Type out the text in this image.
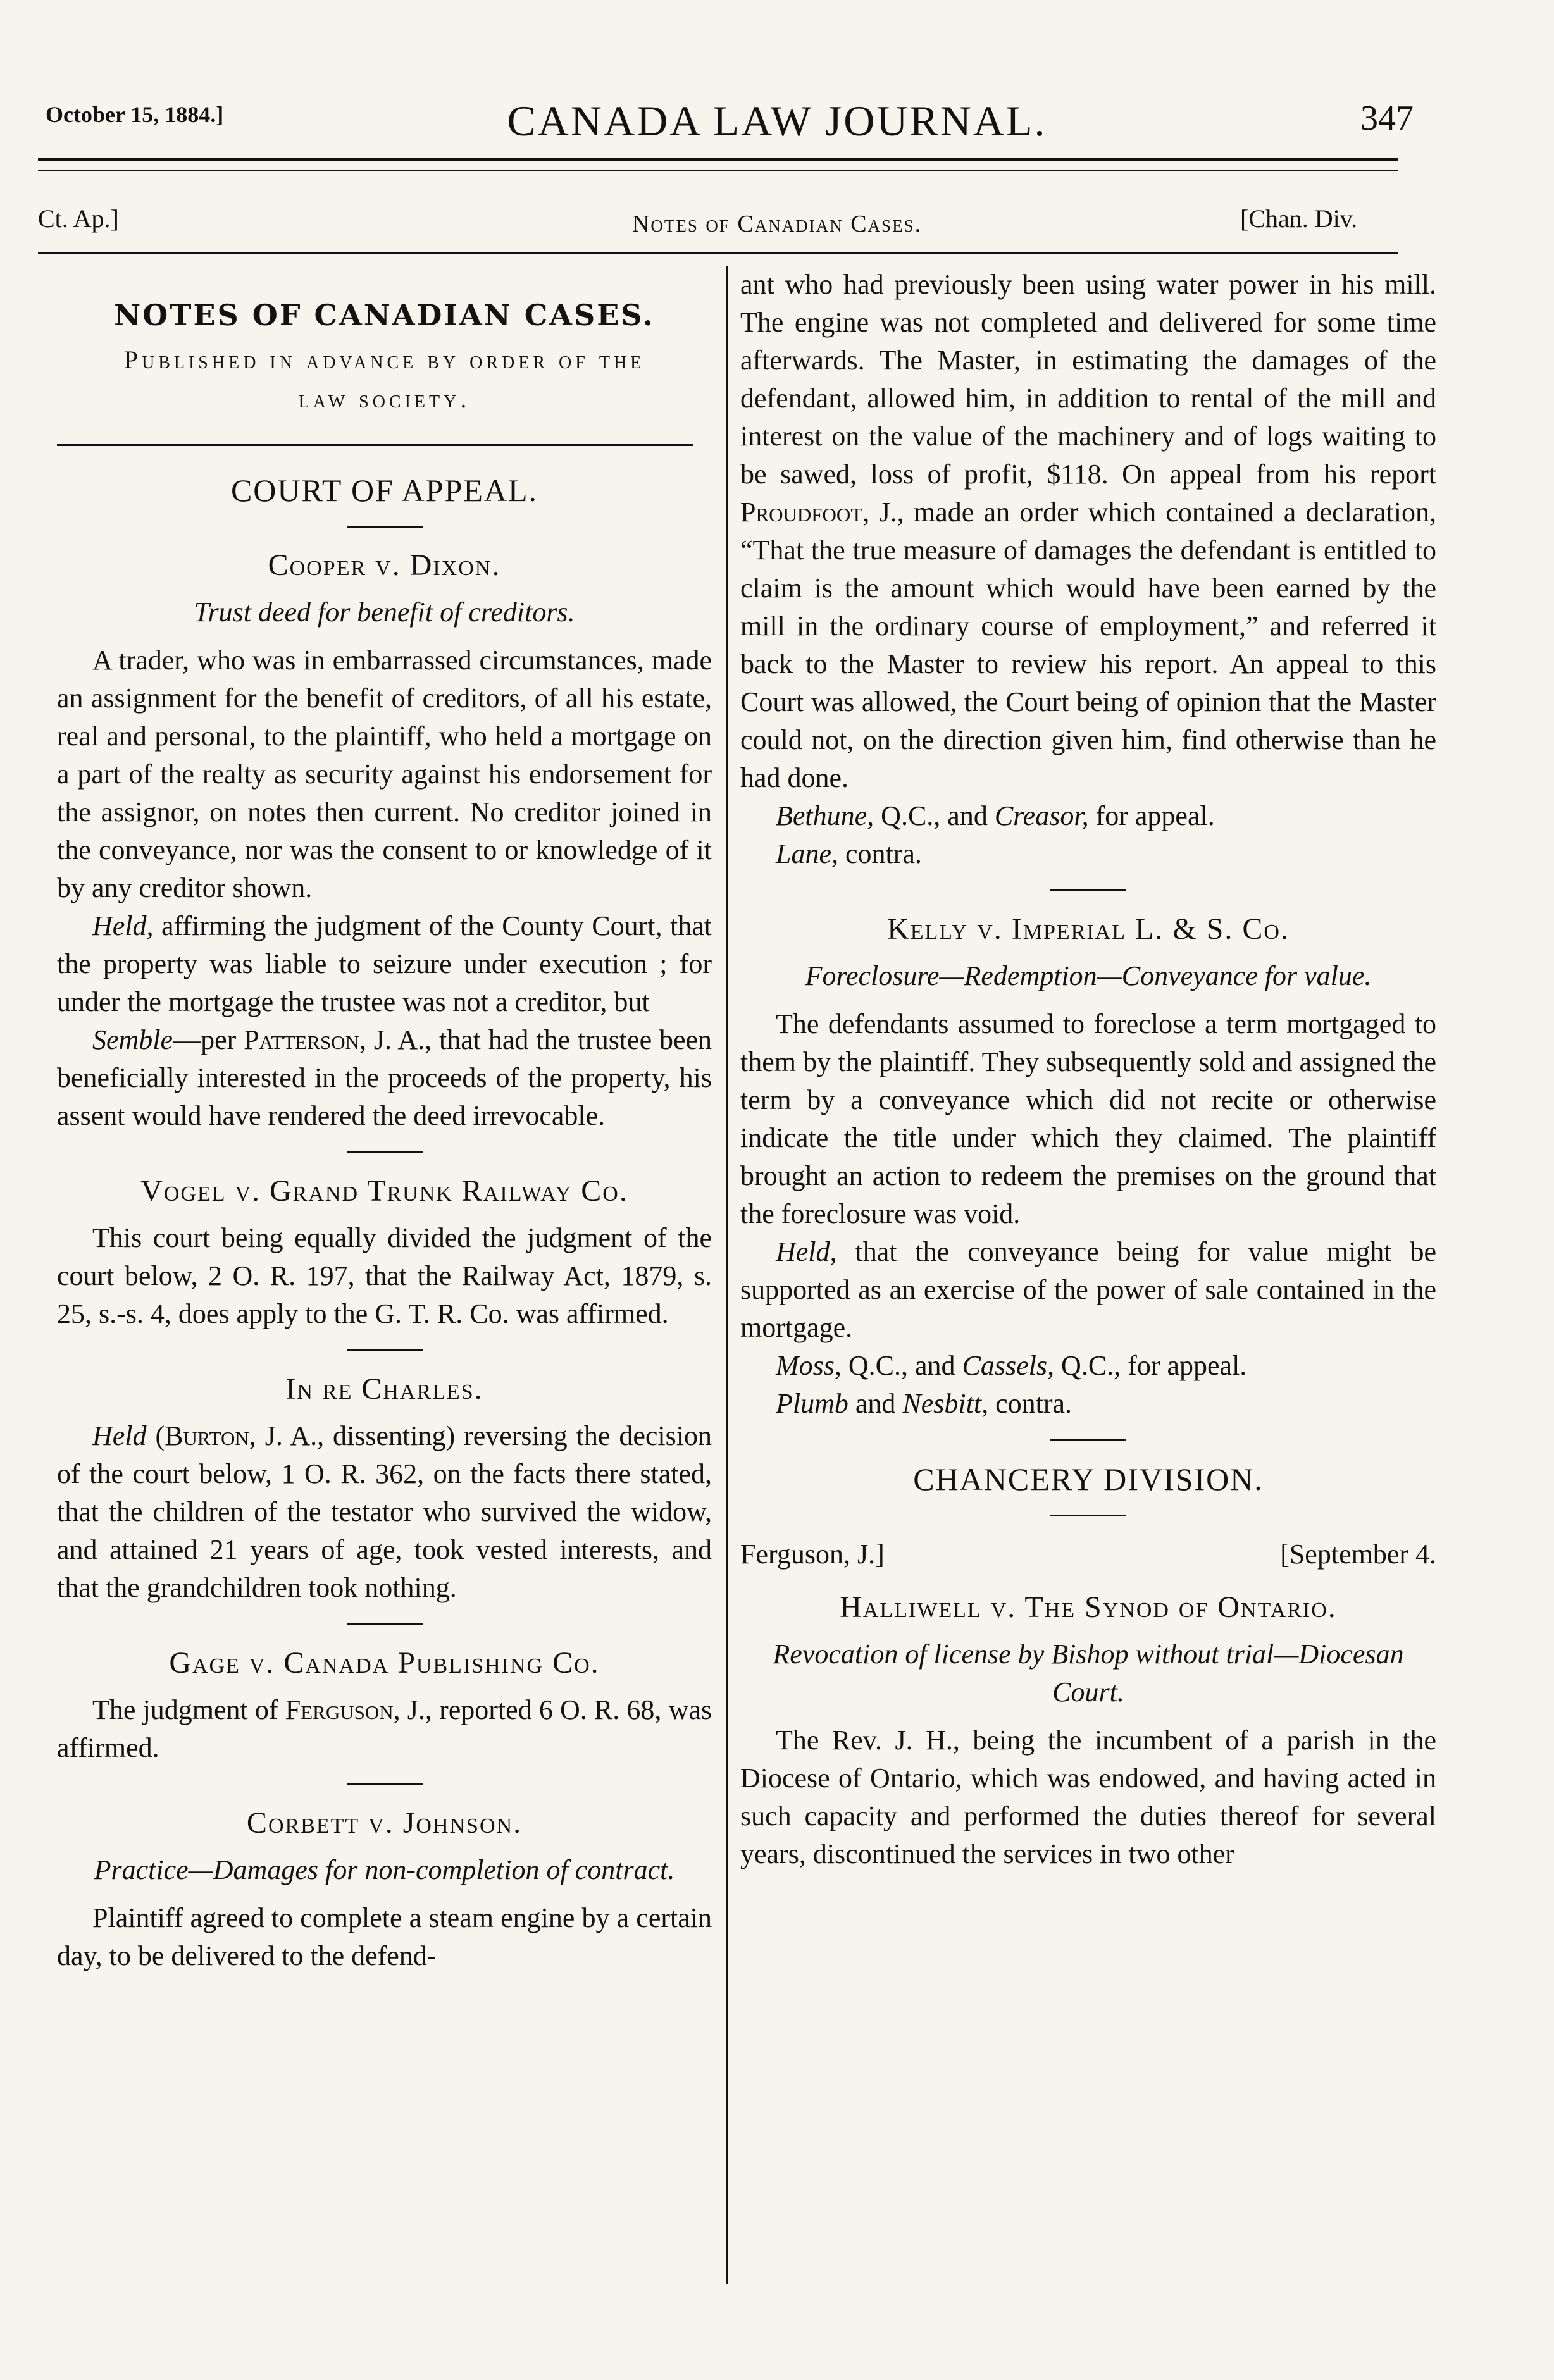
October 15, 1884.]	CANADA LAW JOURNAL.	347
Ct. Ap.]	Notes of Canadian Cases.	[Chan. Div.
NOTES OF CANADIAN CASES.
Published in advance by order of the
law society.
COURT OF APPEAL.
Cooper v. Dixon.
Trust deed for benefit of creditors.

A trader, who was in embarrassed circumstances, made an assignment for the benefit of creditors, of all his estate, real and personal, to the plaintiff, who held a mortgage on a part of the realty as security against his endorsement for the assignor, on notes then current. No creditor joined in the conveyance, nor was the consent to or knowledge of it by any creditor shown.

Held, affirming the judgment of the County Court, that the property was liable to seizure under execution ; for under the mortgage the trustee was not a creditor, but

Semble—per Patterson, J. A., that had the trustee been beneficially interested in the proceeds of the property, his assent would have rendered the deed irrevocable.

Vogel v. Grand Trunk Railway Co.

This court being equally divided the judgment of the court below, 2 O. R. 197, that the Railway Act, 1879, s. 25, s.-s. 4, does apply to the G. T. R. Co. was affirmed.

In re Charles.

Held (Burton, J. A., dissenting) reversing the decision of the court below, 1 O. R. 362, on the facts there stated, that the children of the testator who survived the widow, and attained 21 years of age, took vested interests, and that the grandchildren took nothing.

Gage v. Canada Publishing Co.

The judgment of Ferguson, J., reported 6 O. R. 68, was affirmed.

Corbett v. Johnson.
Practice—Damages for non-completion of contract.

Plaintiff agreed to complete a steam engine by a certain day, to be delivered to the defend-

ant who had previously been using water power in his mill. The engine was not completed and delivered for some time afterwards. The Master, in estimating the damages of the defendant, allowed him, in addition to rental of the mill and interest on the value of the machinery and of logs waiting to be sawed, loss of profit, $118. On appeal from his report Proudfoot, J., made an order which contained a declaration, “That the true measure of damages the defendant is entitled to claim is the amount which would have been earned by the mill in the ordinary course of employment,” and referred it back to the Master to review his report. An appeal to this Court was allowed, the Court being of opinion that the Master could not, on the direction given him, find otherwise than he had done.

Bethune, Q.C., and Creasor, for appeal.

Lane, contra.

Kelly v. Imperial L. & S. Co.
Foreclosure—Redemption—Conveyance for value.

The defendants assumed to foreclose a term mortgaged to them by the plaintiff. They subsequently sold and assigned the term by a conveyance which did not recite or otherwise indicate the title under which they claimed. The plaintiff brought an action to redeem the premises on the ground that the foreclosure was void.

Held, that the conveyance being for value might be supported as an exercise of the power of sale contained in the mortgage.

Moss, Q.C., and Cassels, Q.C., for appeal.

Plumb and Nesbitt, contra.

CHANCERY DIVISION.
Ferguson, J.]	[September 4.
Halliwell v. The Synod of Ontario.
Revocation of license by Bishop without trial—Diocesan Court.

The Rev. J. H., being the incumbent of a parish in the Diocese of Ontario, which was endowed, and having acted in such capacity and performed the duties thereof for several years, discontinued the services in two other
